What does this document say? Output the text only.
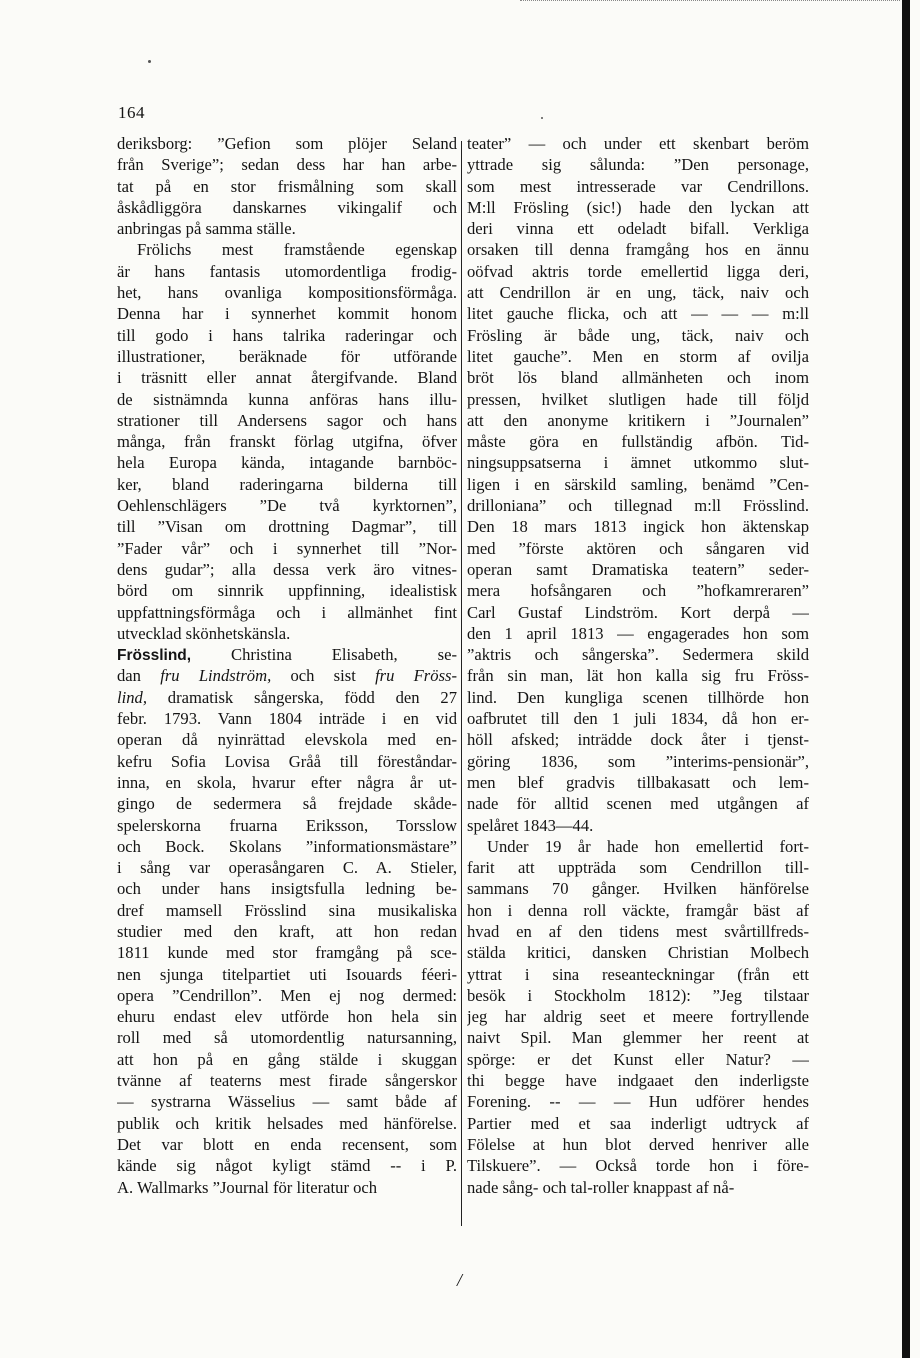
164
deriksborg: ”Gefion som plöjer Seland
från Sverige”; sedan dess har han arbe-
tat på en stor frismålning som skall
åskådliggöra danskarnes vikingalif och
anbringas på samma ställe.
Frölichs mest framstående egenskap
är hans fantasis utomordentliga frodig-
het, hans ovanliga kompositionsförmåga.
Denna har i synnerhet kommit honom
till godo i hans talrika raderingar och
illustrationer, beräknade för utförande
i träsnitt eller annat återgifvande. Bland
de sistnämnda kunna anföras hans illu-
strationer till Andersens sagor och hans
många, från franskt förlag utgifna, öfver
hela Europa kända, intagande barnböc-
ker, bland raderingarna bilderna till
Oehlenschlägers ”De två kyrktornen”,
till ”Visan om drottning Dagmar”, till
”Fader vår” och i synnerhet till ”Nor-
dens gudar”; alla dessa verk äro vitnes-
börd om sinnrik uppfinning, idealistisk
uppfattningsförmåga och i allmänhet fint
utvecklad skönhetskänsla.
Frösslind, Christina Elisabeth, se-
dan fru Lindström, och sist fru Fröss-
lind, dramatisk sångerska, född den 27
febr. 1793. Vann 1804 inträde i en vid
operan då nyinrättad elevskola med en-
kefru Sofia Lovisa Gråå till föreståndar-
inna, en skola, hvarur efter några år ut-
gingo de sedermera så frejdade skåde-
spelerskorna fruarna Eriksson, Torsslow
och Bock. Skolans ”informationsmästare”
i sång var operasångaren C. A. Stieler,
och under hans insigtsfulla ledning be-
dref mamsell Frösslind sina musikaliska
studier med den kraft, att hon redan
1811 kunde med stor framgång på sce-
nen sjunga titelpartiet uti Isouards féeri-
opera ”Cendrillon”. Men ej nog dermed:
ehuru endast elev utförde hon hela sin
roll med så utomordentlig natursanning,
att hon på en gång stälde i skuggan
tvänne af teaterns mest firade sångerskor
— systrarna Wässelius — samt både af
publik och kritik helsades med hänförelse.
Det var blott en enda recensent, som
kände sig något kyligt stämd -- i P.
A. Wallmarks ”Journal för literatur och
teater” — och under ett skenbart beröm
yttrade sig sålunda: ”Den personage,
som mest intresserade var Cendrillons.
M:ll Frösling (sic!) hade den lyckan att
deri vinna ett odeladt bifall. Verkliga
orsaken till denna framgång hos en ännu
oöfvad aktris torde emellertid ligga deri,
att Cendrillon är en ung, täck, naiv och
litet gauche flicka, och att — — — m:ll
Frösling är både ung, täck, naiv och
litet gauche”. Men en storm af ovilja
bröt lös bland allmänheten och inom
pressen, hvilket slutligen hade till följd
att den anonyme kritikern i ”Journalen”
måste göra en fullständig afbön. Tid-
ningsuppsatserna i ämnet utkommo slut-
ligen i en särskild samling, benämd ”Cen-
drilloniana” och tillegnad m:ll Frösslind.
Den 18 mars 1813 ingick hon äktenskap
med ”förste aktören och sångaren vid
operan samt Dramatiska teatern” seder-
mera hofsångaren och ”hofkamreraren”
Carl Gustaf Lindström. Kort derpå —
den 1 april 1813 — engagerades hon som
”aktris och sångerska”. Sedermera skild
från sin man, lät hon kalla sig fru Fröss-
lind. Den kungliga scenen tillhörde hon
oafbrutet till den 1 juli 1834, då hon er-
höll afsked; inträdde dock åter i tjenst-
göring 1836, som ”interims-pensionär”,
men blef gradvis tillbakasatt och lem-
nade för alltid scenen med utgången af
spelåret 1843—44.
Under 19 år hade hon emellertid fort-
farit att uppträda som Cendrillon till-
sammans 70 gånger. Hvilken hänförelse
hon i denna roll väckte, framgår bäst af
hvad en af den tidens mest svårtillfreds-
stälda kritici, dansken Christian Molbech
yttrat i sina reseanteckningar (från ett
besök i Stockholm 1812): ”Jeg tilstaar
jeg har aldrig seet et meere fortryllende
naivt Spil. Man glemmer her reent at
spörge: er det Kunst eller Natur? —
thi begge have indgaaet den inderligste
Forening. -- — — Hun udförer hendes
Partier med et saa inderligt udtryck af
Fölelse at hun blot derved henriver alle
Tilskuere”. — Också torde hon i före-
nade sång- och tal-roller knappast af nå-
/
